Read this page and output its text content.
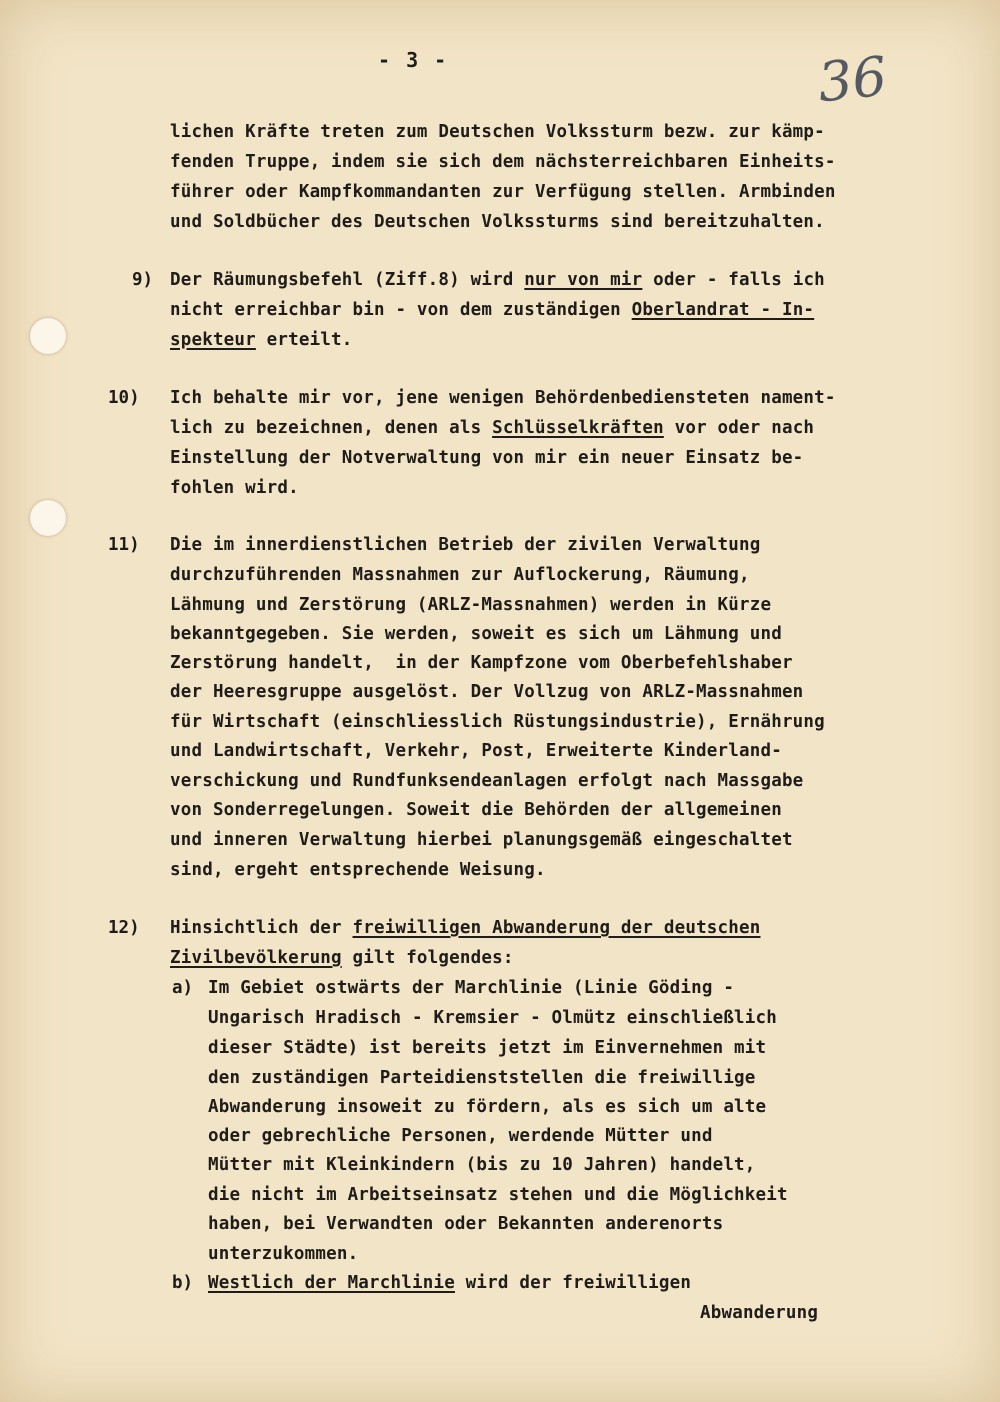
- 3 -	36
lichen Kräfte treten zum Deutschen Volkssturm bezw. zur kämp-
fenden Truppe, indem sie sich dem nächsterreichbaren Einheits-
führer oder Kampfkommandanten zur Verfügung stellen. Armbinden
und Soldbücher des Deutschen Volkssturms sind bereitzuhalten.
9) Der Räumungsbefehl (Ziff.8) wird nur von mir oder - falls ich
nicht erreichbar bin - von dem zuständigen Oberlandrat - In-
spekteur erteilt.
10) Ich behalte mir vor, jene wenigen Behördenbediensteten nament-
lich zu bezeichnen, denen als Schlüsselkräften vor oder nach
Einstellung der Notverwaltung von mir ein neuer Einsatz be-
fohlen wird.
11) Die im innerdienstlichen Betrieb der zivilen Verwaltung
durchzuführenden Massnahmen zur Auflockerung, Räumung,
Lähmung und Zerstörung (ARLZ-Massnahmen) werden in Kürze
bekanntgegeben. Sie werden, soweit es sich um Lähmung und
Zerstörung handelt,  in der Kampfzone vom Oberbefehlshaber
der Heeresgruppe ausgelöst. Der Vollzug von ARLZ-Massnahmen
für Wirtschaft (einschliesslich Rüstungsindustrie), Ernährung
und Landwirtschaft, Verkehr, Post, Erweiterte Kinderland-
verschickung und Rundfunksendeanlagen erfolgt nach Massgabe
von Sonderregelungen. Soweit die Behörden der allgemeinen
und inneren Verwaltung hierbei planungsgemäß eingeschaltet
sind, ergeht entsprechende Weisung.
12) Hinsichtlich der freiwilligen Abwanderung der deutschen
Zivilbevölkerung gilt folgendes:
a) Im Gebiet ostwärts der Marchlinie (Linie Göding -
Ungarisch Hradisch - Kremsier - Olmütz einschließlich
dieser Städte) ist bereits jetzt im Einvernehmen mit
den zuständigen Parteidienststellen die freiwillige
Abwanderung insoweit zu fördern, als es sich um alte
oder gebrechliche Personen, werdende Mütter und
Mütter mit Kleinkindern (bis zu 10 Jahren) handelt,
die nicht im Arbeitseinsatz stehen und die Möglichkeit
haben, bei Verwandten oder Bekannten anderenorts
unterzukommen.
b) Westlich der Marchlinie wird der freiwilligen
Abwanderung
